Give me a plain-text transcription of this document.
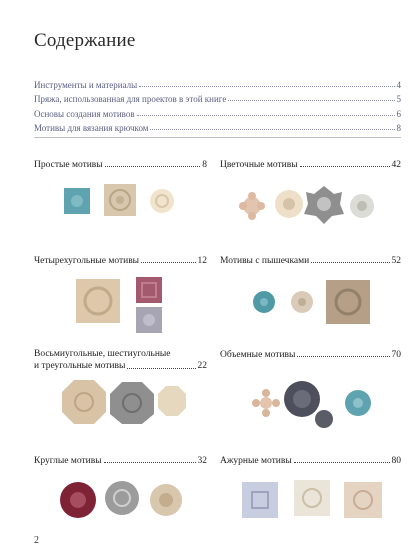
Содержание
Инструменты и материалы	4
Пряжа, использованная для проектов в этой книге	5
Основы создания мотивов	6
Мотивы для вязания крючком	8
Простые мотивы	8 Цветочные мотивы	42
Четырехугольные мотивы	12 Мотивы с пышечками	52
Восьмиугольные, шестиугольные
и треугольные мотивы	22
Объемные мотивы	70
Круглые мотивы	32 Ажурные мотивы	80
2
